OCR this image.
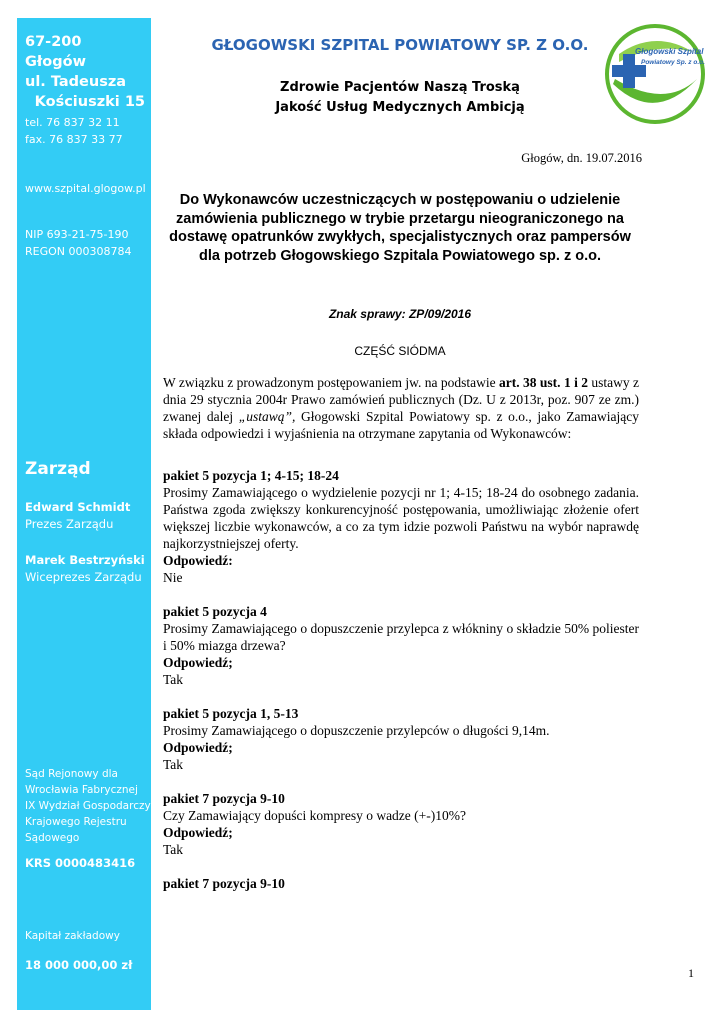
67-200 Głogów
ul. Tadeusza
Kościuszki 15
tel. 76 837 32 11
fax. 76 837 33 77
www.szpital.glogow.pl
NIP 693-21-75-190
REGON 000308784
Zarząd
Edward Schmidt
Prezes Zarządu
Marek Bestrzyński
Wiceprezes Zarządu
Sąd Rejonowy dla
Wrocławia Fabrycznej
IX Wydział Gospodarczy
Krajowego Rejestru
Sądowego
KRS 0000483416
Kapitał zakładowy
18 000 000,00 zł
GŁOGOWSKI SZPITAL POWIATOWY SP. Z O.O.
Zdrowie Pacjentów Naszą Troską
Jakość Usług Medycznych Ambicją
Głogowski Szpital
Powiatowy Sp. z o.o.
Głogów, dn. 19.07.2016
Do Wykonawców uczestniczących w postępowaniu o udzielenie zamówienia publicznego w trybie przetargu nieograniczonego na dostawę opatrunków zwykłych, specjalistycznych oraz pampersów dla potrzeb Głogowskiego Szpitala Powiatowego sp. z o.o.
Znak sprawy: ZP/09/2016
CZĘŚĆ SIÓDMA

W związku z prowadzonym postępowaniem jw. na podstawie art. 38 ust. 1 i 2 ustawy z dnia 29 stycznia 2004r Prawo zamówień publicznych (Dz. U z 2013r, poz. 907 ze zm.) zwanej dalej „ustawą”, Głogowski Szpital Powiatowy sp. z o.o., jako Zamawiający składa odpowiedzi i wyjaśnienia na otrzymane zapytania od Wykonawców:

pakiet 5 pozycja 1; 4-15; 18-24
Prosimy Zamawiającego o wydzielenie pozycji nr 1; 4-15; 18-24 do osobnego zadania. Państwa zgoda zwiększy konkurencyjność postępowania, umożliwiając złożenie ofert większej liczbie wykonawców, a co za tym idzie pozwoli Państwu na wybór naprawdę najkorzystniejszej oferty.
Odpowiedź:
Nie
pakiet 5 pozycja 4
Prosimy Zamawiającego o dopuszczenie przylepca z włókniny o składzie 50% poliester i 50% miazga drzewa?
Odpowiedź;
Tak
pakiet 5 pozycja 1, 5-13
Prosimy Zamawiającego o dopuszczenie przylepców o długości 9,14m.
Odpowiedź;
Tak
pakiet 7 pozycja 9-10
Czy Zamawiający dopuści kompresy o wadze (+-)10%?
Odpowiedź;
Tak
pakiet 7 pozycja 9-10
1
